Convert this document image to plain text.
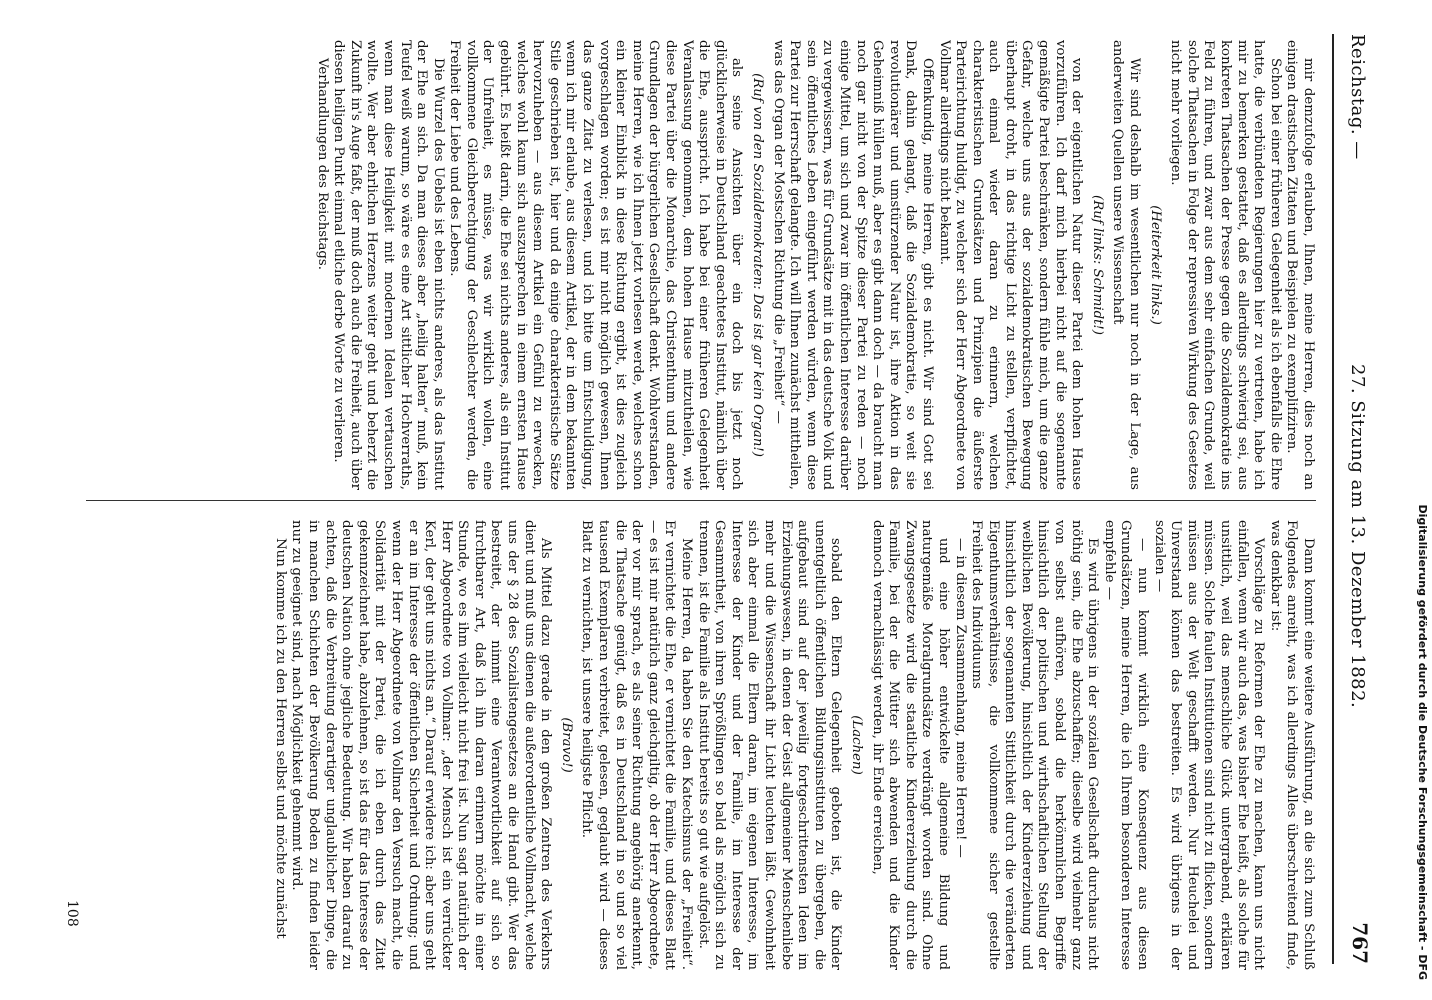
Reichstag. —
27. Sitzung am 13. Dezember 1882.
767

mir demzufolge erlauben, Ihnen, meine Herren, dies noch an einigen drastischen Zitaten und Beispielen zu exemplifiziren.

Schon bei einer früheren Gelegenheit als ich ebenfalls die Ehre hatte, die verbündeten Regierungen hier zu vertreten, habe ich mir zu bemerken gestattet, daß es allerdings schwierig sei, aus konkreten Thatsachen der Presse gegen die Sozialdemokratie ins Feld zu führen, und zwar aus dem sehr einfachen Grunde, weil solche Thatsachen in Folge der repressiven Wirkung des Gesetzes nicht mehr vorliegen.

(Heiterkeit links.)

Wir sind deshalb im wesentlichen nur noch in der Lage, aus anderweiten Quellen unsere Wissenschaft

(Ruf links: Schmidt!)

von der eigentlichen Natur dieser Partei dem hohen Hause vorzuführen. Ich darf mich hierbei nicht auf die sogenannte gemäßigte Partei beschränken, sondern fühle mich, um die ganze Gefahr, welche uns aus der sozialdemokratischen Bewegung überhaupt droht, in das richtige Licht zu stellen, verpflichtet, auch einmal wieder daran zu erinnern, welchen charakteristischen Grundsätzen und Prinzipien die äußerste Parteirichtung huldigt, zu welcher sich der Herr Abgeordnete von Vollmar allerdings nicht bekannt.

Offenkundig, meine Herren, gibt es nicht. Wir sind Gott sei Dank, dahin gelangt, daß die Sozialdemokratie, so weit sie revolutionärer und umstürzender Natur ist, ihre Aktion in das Geheimniß hüllen muß, aber es gibt dann doch — da braucht man noch gar nicht von der Spitze dieser Partei zu reden — noch einige Mittel, um sich und zwar im öffentlichen Interesse darüber zu vergewissern, was für Grundsätze mit in das deutsche Volk und sein öffentliches Leben eingeführt werden würden, wenn diese Partei zur Herrschaft gelangte. Ich will Ihnen zunächst mittheilen, was das Organ der Mostschen Richtung die „Freiheit“ —

(Ruf von den Sozialdemokraten: Das ist gar kein Organ!)

als seine Ansichten über ein doch bis jetzt noch glücklicherweise in Deutschland geachtetes Institut, nämlich über die Ehe, ausspricht. Ich habe bei einer früheren Gelegenheit Veranlassung genommen, dem hohen Hause mitzutheilen, wie diese Partei über die Monarchie, das Christenthum und andere Grundlagen der bürgerlichen Gesellschaft denkt. Wohlverstanden, meine Herren, wie ich Ihnen jetzt vorlesen werde, welches schon ein kleiner Einblick in diese Richtung ergibt, ist dies zugleich vorgeschlagen worden; es ist mir nicht möglich gewesen, Ihnen das ganze Zitat zu verlesen, und ich bitte um Entschuldigung, wenn ich mir erlaube, aus diesem Artikel, der in dem bekannten Stile geschrieben ist, hier und da einige charakteristische Sätze hervorzuheben — aus diesem Artikel ein Gefühl zu erwecken, welches wohl kaum sich auszusprechen in einem ernsten Hause gebührt. Es heißt darin, die Ehe sei nichts anderes, als ein Institut der Unfreiheit, es müsse, was wir wirklich wollen, eine vollkommene Gleichberechtigung der Geschlechter werden, die Freiheit der Liebe und des Lebens.

Die Wurzel des Uebels ist eben nichts anderes, als das Institut der Ehe an sich. Da man dieses aber „heilig halten“ muß, kein Teufel weiß warum, so wäre es eine Art sittlicher Hochverraths, wenn man diese Heiligkeit mit modernen Idealen vertauschen wollte. Wer aber ehrlichen Herzens weiter geht und beherzt die Zukunft in's Auge faßt, der muß doch auch die Freiheit, auch über diesen heiligen Punkt einmal etliche derbe Worte zu verlieren.

Verhandlungen des Reichstags.

Dann kommt eine weitere Ausführung, an die sich zum Schluß Folgendes anreiht, was ich allerdings Alles überschreitend finde, was denkbar ist:

Vorschläge zu Reformen der Ehe zu machen, kann uns nicht einfallen, wenn wir auch das, was bisher Ehe heißt, als solche für unsittlich, weil das menschliche Glück untergrabend, erklären müssen. Solche faulen Institutionen sind nicht zu flicken, sondern müssen aus der Welt geschafft werden. Nur Heuchelei und Unverstand können das bestreiten. Es wird übrigens in der sozialen —

— nun kommt wirklich eine Konsequenz aus diesen Grundsätzen, meine Herren, die ich Ihrem besonderen Interesse empfehle —

Es wird übrigens in der sozialen Gesellschaft durchaus nicht nöthig sein, die Ehe abzuschaffen; dieselbe wird vielmehr ganz von selbst aufhören, sobald die herkömmlichen Begriffe hinsichtlich der politischen und wirthschaftlichen Stellung der weiblichen Bevölkerung, hinsichtlich der Kindererziehung und hinsichtlich der sogenannten Sittlichkeit durch die veränderten Eigenthumsverhältnisse, die vollkommene sicher gestellte Freiheit des Individuums

— in diesem Zusammenhang, meine Herren! —

und eine höher entwickelte allgemeine Bildung und naturgemäße Moralgrundsätze verdrängt worden sind. Ohne Zwangsgesetze wird die staatliche Kindererziehung durch die Familie, bei der die Mütter sich abwenden und die Kinder dennoch vernachlässigt werden, ihr Ende erreichen,

(Lachen)

sobald den Eltern Gelegenheit geboten ist, die Kinder unentgeltlich öffentlichen Bildungsinstituten zu übergeben, die aufgebaut sind auf der jeweilig fortgeschrittensten Ideen im Erziehungswesen, in denen der Geist allgemeiner Menschenliebe mehr und die Wissenschaft ihr Licht leuchten läßt. Gewohnheit sich aber einmal die Eltern daran, im eigenen Interesse, im Interesse der Kinder und der Familie, im Interesse der Gesammtheit, von ihren Sprößlingen so bald als möglich sich zu trennen, ist die Familie als Institut bereits so gut wie aufgelöst.

Meine Herren, da haben Sie den Katechismus der „Freiheit“. Er vernichtet die Ehe, er vernichtet die Familie, und dieses Blatt — es ist mir natürlich ganz gleichgiltig, ob der Herr Abgeordnete, der vor mir sprach, es als seiner Richtung angehörig anerkennt, die Thatsache genügt, daß es in Deutschland in so und so viel tausend Exemplaren verbreitet, gelesen, geglaubt wird — dieses Blatt zu vernichten, ist unsere heiligste Pflicht.

(Bravo!)

Als Mittel dazu gerade in den großen Zentren des Verkehrs dient und muß uns dienen die außerordentliche Vollmacht, welche uns der § 28 des Sozialistengesetzes an die Hand gibt. Wer das bestreitet, der nimmt eine Verantwortlichkeit auf sich so furchtbarer Art, daß ich ihn daran erinnern möchte in einer Stunde, wo es ihm vielleicht nicht frei ist. Nun sagt natürlich der Herr Abgeordnete von Vollmar: „der Mensch ist ein verrückter Kerl, der geht uns nichts an.“ Darauf erwidere ich: aber uns geht er an im Interesse der öffentlichen Sicherheit und Ordnung; und wenn der Herr Abgeordnete von Vollmar den Versuch macht, die Solidarität mit der Partei, die ich eben durch das Zitat gekennzeichnet habe, abzulehnen, so ist das für das Interesse der deutschen Nation ohne jegliche Bedeutung. Wir haben darauf zu achten, daß die Verbreitung derartiger unglaublicher Dinge, die in manchen Schichten der Bevölkerung Boden zu finden leider nur zu geeignet sind, nach Möglichkeit gehemmt wird.

Nun komme ich zu den Herren selbst und möchte zunächst

108	Digitalisierung gefördert durch die Deutsche Forschungsgemeinschaft - DFG
